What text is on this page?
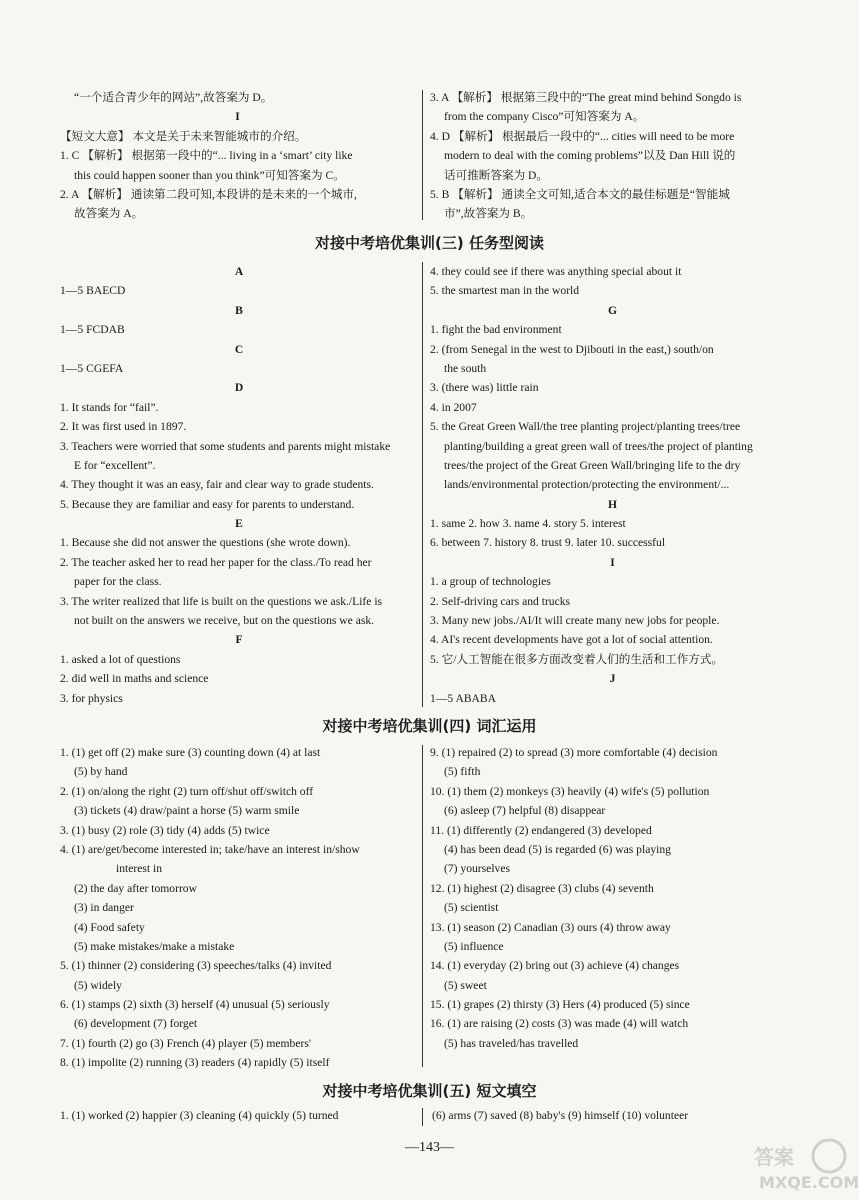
“一个适合青少年的网站”,故答案为 D。
I
【短文大意】 本文是关于未来智能城市的介绍。
1. C 【解析】 根据第一段中的“... living in a ‘smart’ city like
this could happen sooner than you think”可知答案为 C。
2. A 【解析】 通读第二段可知,本段讲的是未来的一个城市,
故答案为 A。
3. A 【解析】 根据第三段中的“The great mind behind Songdo is
from the company Cisco”可知答案为 A。
4. D 【解析】 根据最后一段中的“... cities will need to be more
modern to deal with the coming problems”以及 Dan Hill 说的
话可推断答案为 D。
5. B 【解析】 通读全文可知,适合本文的最佳标题是“智能城
市”,故答案为 B。
对接中考培优集训(三) 任务型阅读
A
1—5 BAECD
B
1—5 FCDAB
C
1—5 CGEFA
D
1. It stands for “fail”.
2. It was first used in 1897.
3. Teachers were worried that some students and parents might mistake
E for “excellent”.
4. They thought it was an easy, fair and clear way to grade students.
5. Because they are familiar and easy for parents to understand.
E
1. Because she did not answer the questions (she wrote down).
2. The teacher asked her to read her paper for the class./To read her
paper for the class.
3. The writer realized that life is built on the questions we ask./Life is
not built on the answers we receive, but on the questions we ask.
F
1. asked a lot of questions
2. did well in maths and science
3. for physics
4. they could see if there was anything special about it
5. the smartest man in the world
G
1. fight the bad environment
2. (from Senegal in the west to Djibouti in the east,) south/on
the south
3. (there was) little rain
4. in 2007
5. the Great Green Wall/the tree planting project/planting trees/tree
planting/building a great green wall of trees/the project of planting
trees/the project of the Great Green Wall/bringing life to the dry
lands/environmental protection/protecting the environment/...
H
1. same 2. how 3. name 4. story 5. interest
6. between 7. history 8. trust 9. later 10. successful
I
1. a group of technologies
2. Self-driving cars and trucks
3. Many new jobs./AI/It will create many new jobs for people.
4. AI's recent developments have got a lot of social attention.
5. 它/人工智能在很多方面改变着人们的生活和工作方式。
J
1—5 ABABA
对接中考培优集训(四) 词汇运用
1. (1) get off (2) make sure (3) counting down (4) at last
(5) by hand
2. (1) on/along the right (2) turn off/shut off/switch off
(3) tickets (4) draw/paint a horse (5) warm smile
3. (1) busy (2) role (3) tidy (4) adds (5) twice
4. (1) are/get/become interested in; take/have an interest in/show
interest in
(2) the day after tomorrow
(3) in danger
(4) Food safety
(5) make mistakes/make a mistake
5. (1) thinner (2) considering (3) speeches/talks (4) invited
(5) widely
6. (1) stamps (2) sixth (3) herself (4) unusual (5) seriously
(6) development (7) forget
7. (1) fourth (2) go (3) French (4) player (5) members'
8. (1) impolite (2) running (3) readers (4) rapidly (5) itself
9. (1) repaired (2) to spread (3) more comfortable (4) decision
(5) fifth
10. (1) them (2) monkeys (3) heavily (4) wife's (5) pollution
(6) asleep (7) helpful (8) disappear
11. (1) differently (2) endangered (3) developed
(4) has been dead (5) is regarded (6) was playing
(7) yourselves
12. (1) highest (2) disagree (3) clubs (4) seventh
(5) scientist
13. (1) season (2) Canadian (3) ours (4) throw away
(5) influence
14. (1) everyday (2) bring out (3) achieve (4) changes
(5) sweet
15. (1) grapes (2) thirsty (3) Hers (4) produced (5) since
16. (1) are raising (2) costs (3) was made (4) will watch
(5) has traveled/has travelled
对接中考培优集训(五) 短文填空
1. (1) worked (2) happier (3) cleaning (4) quickly (5) turned	(6) arms (7) saved (8) baby's (9) himself (10) volunteer
—143—	答案
MXQE.COM
